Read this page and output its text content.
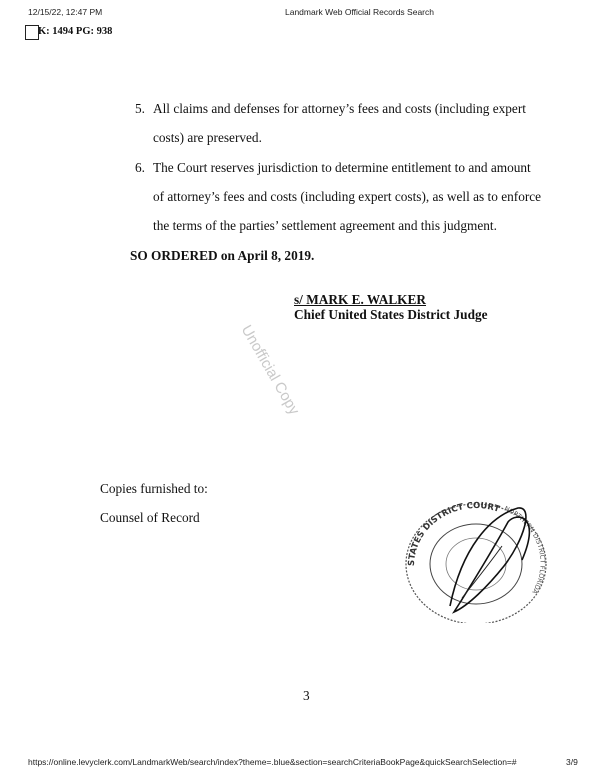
12/15/22, 12:47 PM	Landmark Web Official Records Search
K: 1494 PG: 938
5. All claims and defenses for attorney’s fees and costs (including expert
costs) are preserved.
6. The Court reserves jurisdiction to determine entitlement to and amount
of attorney’s fees and costs (including expert costs), as well as to enforce
the terms of the parties’ settlement agreement and this judgment.
SO ORDERED on April 8, 2019.
Unofficial Copy
s/ MARK E. WALKER
Chief United States District Judge
Copies furnished to:
Counsel of Record
STATES DISTRICT COURT NORTHERN DISTRICT FLORIDA
3
https://online.levyclerk.com/LandmarkWeb/search/index?theme=.blue&section=searchCriteriaBookPage&quickSearchSelection=#	3/9
